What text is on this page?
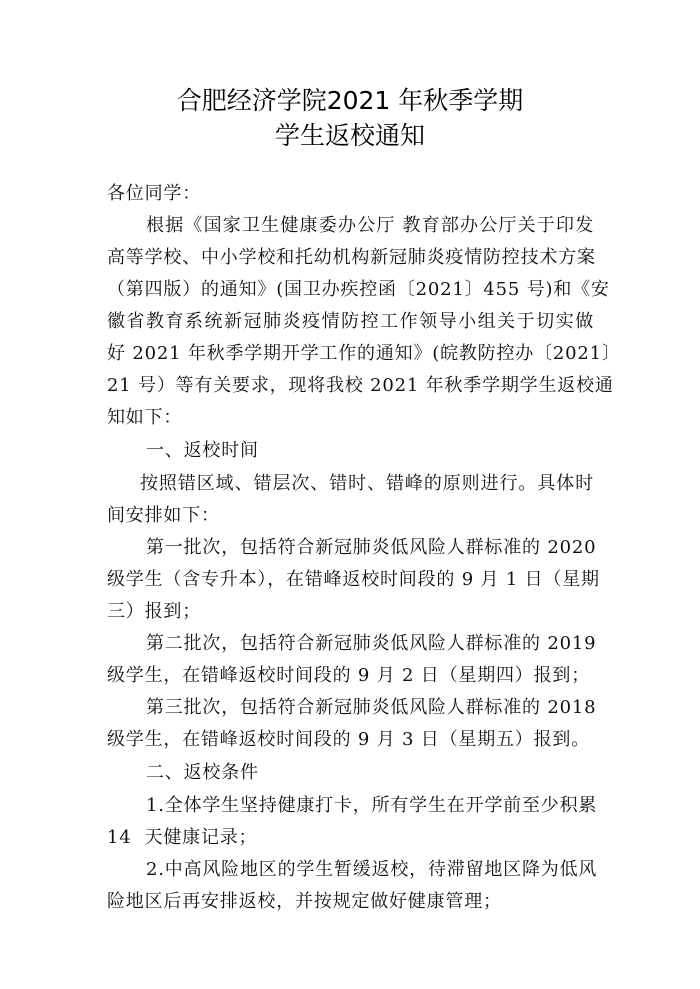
合肥经济学院2021 年秋季学期
学生返校通知
各位同学：
根据《国家卫生健康委办公厅 教育部办公厅关于印发
高等学校、中小学校和托幼机构新冠肺炎疫情防控技术方案
（第四版）的通知》(国卫办疾控函〔2021〕455 号)和《安
徽省教育系统新冠肺炎疫情防控工作领导小组关于切实做
好 2021 年秋季学期开学工作的通知》(皖教防控办〔2021〕
21 号）等有关要求，现将我校 2021 年秋季学期学生返校通
知如下：
一、返校时间
按照错区域、错层次、错时、错峰的原则进行。具体时
间安排如下：
第一批次，包括符合新冠肺炎低风险人群标准的 2020
级学生（含专升本），在错峰返校时间段的 9 月 1 日（星期
三）报到；
第二批次，包括符合新冠肺炎低风险人群标准的 2019
级学生，在错峰返校时间段的 9 月 2 日（星期四）报到；
第三批次，包括符合新冠肺炎低风险人群标准的 2018
级学生，在错峰返校时间段的 9 月 3 日（星期五）报到。
二、返校条件
1.全体学生坚持健康打卡，所有学生在开学前至少积累
14  天健康记录；
2.中高风险地区的学生暂缓返校，待滞留地区降为低风
险地区后再安排返校，并按规定做好健康管理；
